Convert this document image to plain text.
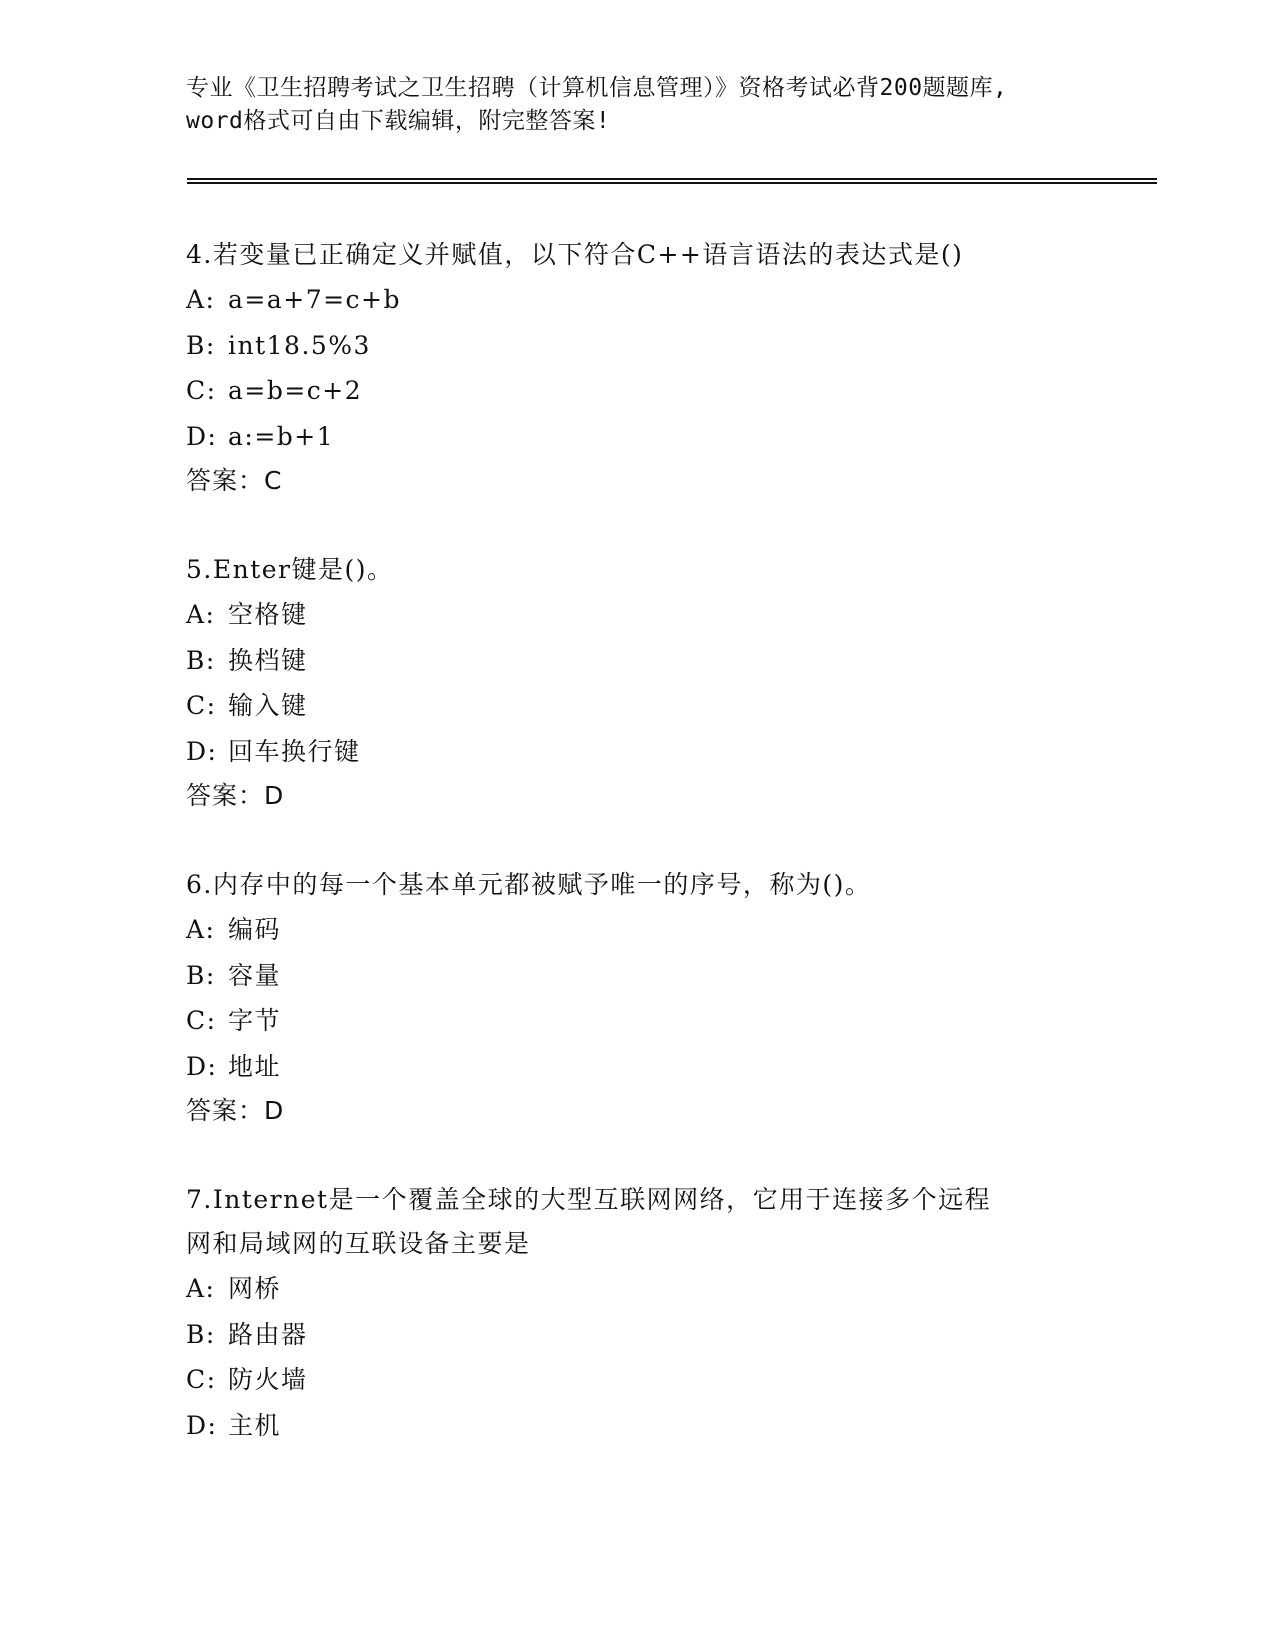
专业《卫生招聘考试之卫生招聘（计算机信息管理）》资格考试必背200题题库,

word格式可自由下载编辑，附完整答案!

4.若变量已正确定义并赋值，以下符合C++语言语法的表达式是()

A: a=a+7=c+b

B: int18.5%3

C: a=b=c+2

D: a:=b+1

答案：C

5.Enter键是()。

A: 空格键

B: 换档键

C: 输入键

D: 回车换行键

答案：D

6.内存中的每一个基本单元都被赋予唯一的序号，称为()。

A: 编码

B: 容量

C: 字节

D: 地址

答案：D

7.Internet是一个覆盖全球的大型互联网网络，它用于连接多个远程
网和局域网的互联设备主要是

A: 网桥

B: 路由器

C: 防火墙

D: 主机
